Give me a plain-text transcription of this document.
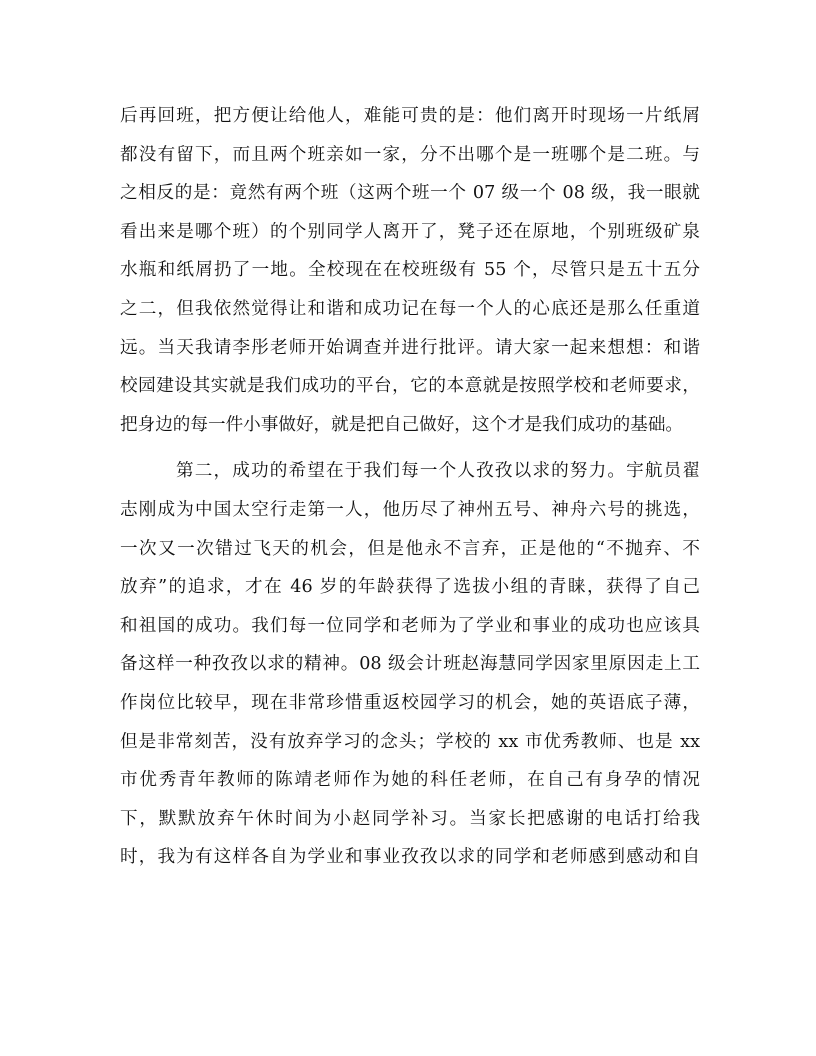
后再回班，把方便让给他人，难能可贵的是：他们离开时现场一片纸屑
都没有留下，而且两个班亲如一家，分不出哪个是一班哪个是二班。与
之相反的是：竟然有两个班（这两个班一个 07 级一个 08 级，我一眼就
看出来是哪个班）的个别同学人离开了，凳子还在原地，个别班级矿泉
水瓶和纸屑扔了一地。全校现在在校班级有 55 个，尽管只是五十五分
之二，但我依然觉得让和谐和成功记在每一个人的心底还是那么任重道
远。当天我请李彤老师开始调查并进行批评。请大家一起来想想：和谐
校园建设其实就是我们成功的平台，它的本意就是按照学校和老师要求，
把身边的每一件小事做好，就是把自己做好，这个才是我们成功的基础。
第二，成功的希望在于我们每一个人孜孜以求的努力。宇航员翟
志刚成为中国太空行走第一人，他历尽了神州五号、神舟六号的挑选，
一次又一次错过飞天的机会，但是他永不言弃，正是他的“不抛弃、不
放弃”的追求，才在 46 岁的年龄获得了选拔小组的青睐，获得了自己
和祖国的成功。我们每一位同学和老师为了学业和事业的成功也应该具
备这样一种孜孜以求的精神。08 级会计班赵海慧同学因家里原因走上工
作岗位比较早，现在非常珍惜重返校园学习的机会，她的英语底子薄，
但是非常刻苦，没有放弃学习的念头；学校的 xx 市优秀教师、也是 xx
市优秀青年教师的陈靖老师作为她的科任老师，在自己有身孕的情况
下，默默放弃午休时间为小赵同学补习。当家长把感谢的电话打给我
时，我为有这样各自为学业和事业孜孜以求的同学和老师感到感动和自
